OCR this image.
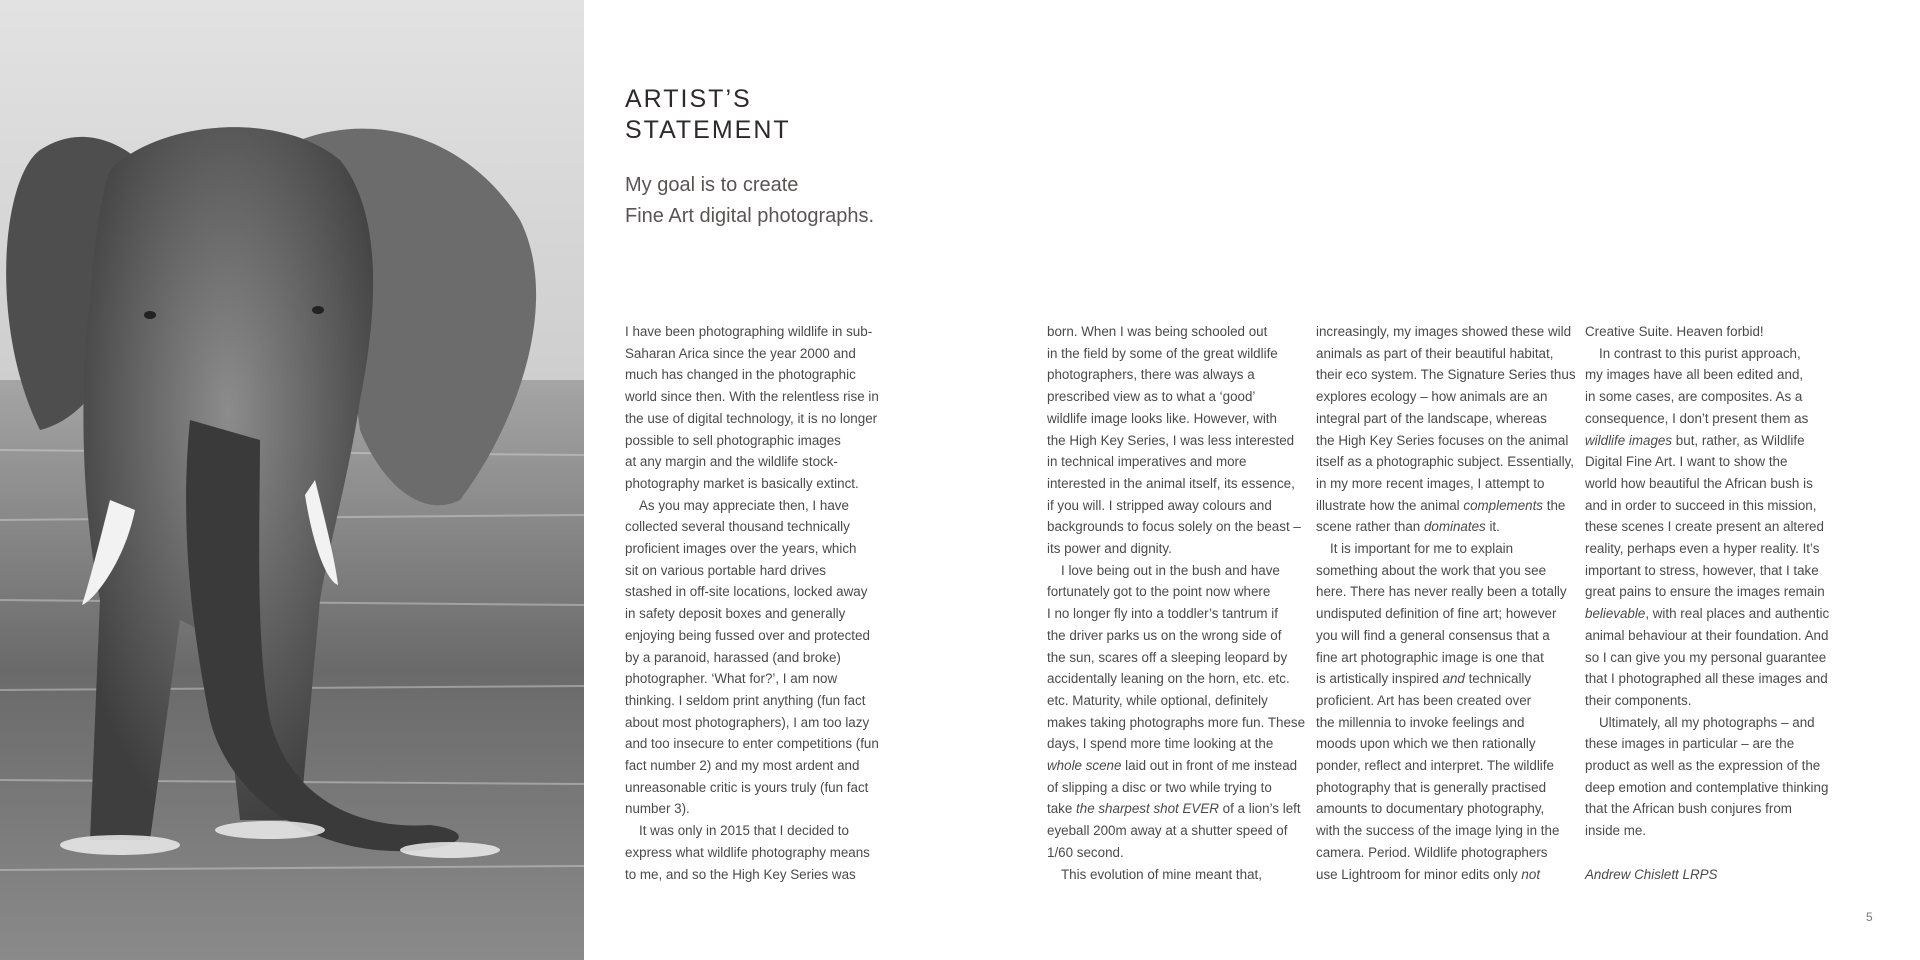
ARTIST’S
STATEMENT

My goal is to create
Fine Art digital photographs.

I have been photographing wildlife in sub-
Saharan Arica since the year 2000 and
much has changed in the photographic
world since then. With the relentless rise in
the use of digital technology, it is no longer
possible to sell photographic images
at any margin and the wildlife stock-
photography market is basically extinct.
As you may appreciate then, I have
collected several thousand technically
proficient images over the years, which
sit on various portable hard drives
stashed in off-site locations, locked away
in safety deposit boxes and generally
enjoying being fussed over and protected
by a paranoid, harassed (and broke)
photographer. ‘What for?’, I am now
thinking. I seldom print anything (fun fact
about most photographers), I am too lazy
and too insecure to enter competitions (fun
fact number 2) and my most ardent and
unreasonable critic is yours truly (fun fact
number 3).
It was only in 2015 that I decided to
express what wildlife photography means
to me, and so the High Key Series was
born. When I was being schooled out
in the field by some of the great wildlife
photographers, there was always a
prescribed view as to what a ‘good’
wildlife image looks like. However, with
the High Key Series, I was less interested
in technical imperatives and more
interested in the animal itself, its essence,
if you will. I stripped away colours and
backgrounds to focus solely on the beast –
its power and dignity.
I love being out in the bush and have
fortunately got to the point now where
I no longer fly into a toddler’s tantrum if
the driver parks us on the wrong side of
the sun, scares off a sleeping leopard by
accidentally leaning on the horn, etc. etc.
etc. Maturity, while optional, definitely
makes taking photographs more fun. These
days, I spend more time looking at the
whole scene laid out in front of me instead
of slipping a disc or two while trying to
take the sharpest shot EVER of a lion’s left
eyeball 200m away at a shutter speed of
1/60 second.
This evolution of mine meant that,
increasingly, my images showed these wild
animals as part of their beautiful habitat,
their eco system. The Signature Series thus
explores ecology – how animals are an
integral part of the landscape, whereas
the High Key Series focuses on the animal
itself as a photographic subject. Essentially,
in my more recent images, I attempt to
illustrate how the animal complements the
scene rather than dominates it.
It is important for me to explain
something about the work that you see
here. There has never really been a totally
undisputed definition of fine art; however
you will find a general consensus that a
fine art photographic image is one that
is artistically inspired and technically
proficient. Art has been created over
the millennia to invoke feelings and
moods upon which we then rationally
ponder, reflect and interpret. The wildlife
photography that is generally practised
amounts to documentary photography,
with the success of the image lying in the
camera. Period. Wildlife photographers
use Lightroom for minor edits only not
Creative Suite. Heaven forbid!
In contrast to this purist approach,
my images have all been edited and,
in some cases, are composites. As a
consequence, I don’t present them as
wildlife images but, rather, as Wildlife
Digital Fine Art. I want to show the
world how beautiful the African bush is
and in order to succeed in this mission,
these scenes I create present an altered
reality, perhaps even a hyper reality. It’s
important to stress, however, that I take
great pains to ensure the images remain
believable, with real places and authentic
animal behaviour at their foundation. And
so I can give you my personal guarantee
that I photographed all these images and
their components.
Ultimately, all my photographs – and
these images in particular – are the
product as well as the expression of the
deep emotion and contemplative thinking
that the African bush conjures from
inside me.

Andrew Chislett LRPS
5
